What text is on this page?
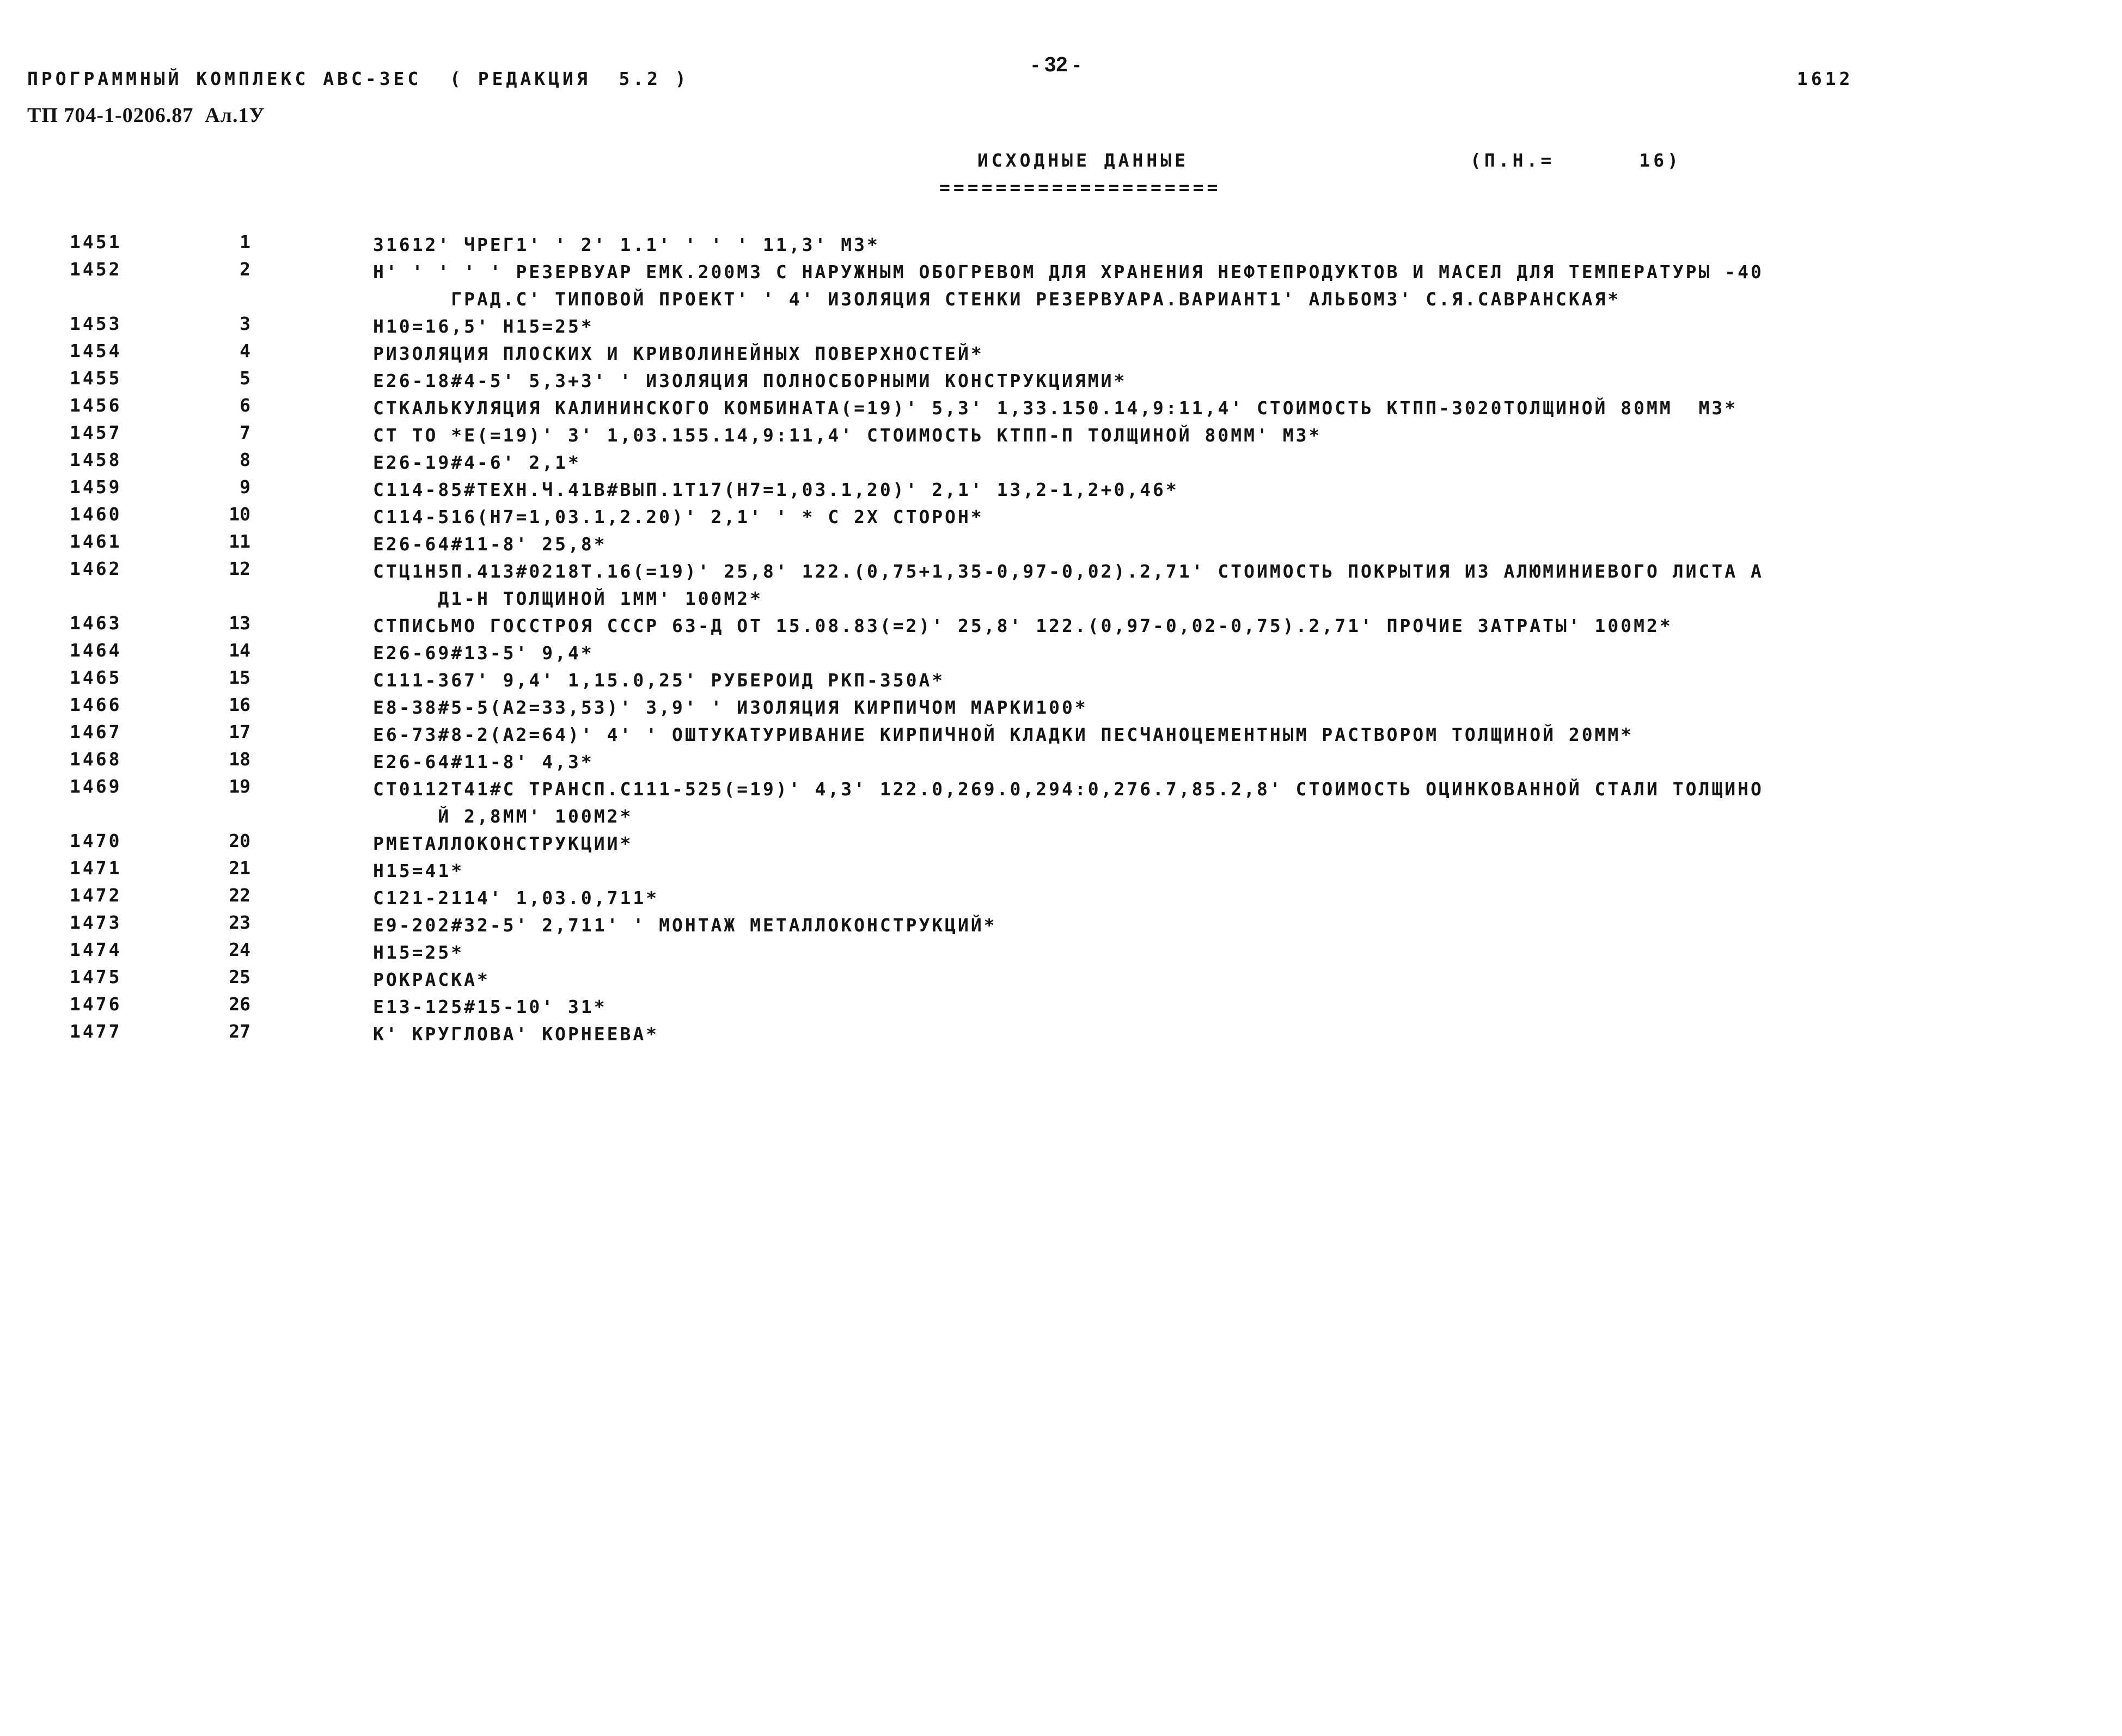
ПРОГРАММНЫЙ КОМПЛЕКС АВС-ЗЕС  ( РЕДАКЦИЯ  5.2 )
- 32 -
1612
ТП 704-1-0206.87  Ал.1У
ИСХОДНЫЕ ДАННЫЕ	(П.Н.=      16)
====================
1451	1	31612' ЧРЕГ1' ' 2' 1.1' ' ' ' 11,3' МЗ*
1452	2	Н' ' ' ' ' РЕЗЕРВУАР ЕМК.200МЗ С НАРУЖНЫМ ОБОГРЕВОМ ДЛЯ ХРАНЕНИЯ НЕФТЕПРОДУКТОВ И МАСЕЛ ДЛЯ ТЕМПЕРАТУРЫ -40
ГРАД.С' ТИПОВОЙ ПРОЕКТ' ' 4' ИЗОЛЯЦИЯ СТЕНКИ РЕЗЕРВУАРА.ВАРИАНТ1' АЛЬБОМЗ' С.Я.САВРАНСКАЯ*
1453	3	Н10=16,5' Н15=25*
1454	4	РИЗОЛЯЦИЯ ПЛОСКИХ И КРИВОЛИНЕЙНЫХ ПОВЕРХНОСТЕЙ*
1455	5	Е26-18#4-5' 5,3+3' ' ИЗОЛЯЦИЯ ПОЛНОСБОРНЫМИ КОНСТРУКЦИЯМИ*
1456	6	СТКАЛЬКУЛЯЦИЯ КАЛИНИНСКОГО КОМБИНАТА(=19)' 5,3' 1,33.150.14,9:11,4' СТОИМОСТЬ КТПП-3020ТОЛЩИНОЙ 80ММ  МЗ*
1457	7	СТ ТО *Е(=19)' 3' 1,03.155.14,9:11,4' СТОИМОСТЬ КТПП-П ТОЛЩИНОЙ 80ММ' МЗ*
1458	8	Е26-19#4-6' 2,1*
1459	9	С114-85#ТЕХН.Ч.41В#ВЫП.1Т17(Н7=1,03.1,20)' 2,1' 13,2-1,2+0,46*
1460	10	С114-516(Н7=1,03.1,2.20)' 2,1' ' * С 2Х СТОРОН*
1461	11	Е26-64#11-8' 25,8*
1462	12	СТЦ1Н5П.413#0218Т.16(=19)' 25,8' 122.(0,75+1,35-0,97-0,02).2,71' СТОИМОСТЬ ПОКРЫТИЯ ИЗ АЛЮМИНИЕВОГО ЛИСТА А
Д1-Н ТОЛЩИНОЙ 1ММ' 100М2*
1463	13	СТПИСЬМО ГОССТРОЯ СССР 63-Д ОТ 15.08.83(=2)' 25,8' 122.(0,97-0,02-0,75).2,71' ПРОЧИЕ ЗАТРАТЫ' 100М2*
1464	14	Е26-69#13-5' 9,4*
1465	15	С111-367' 9,4' 1,15.0,25' РУБЕРОИД РКП-350А*
1466	16	Е8-38#5-5(А2=33,53)' 3,9' ' ИЗОЛЯЦИЯ КИРПИЧОМ МАРКИ100*
1467	17	Е6-73#8-2(А2=64)' 4' ' ОШТУКАТУРИВАНИЕ КИРПИЧНОЙ КЛАДКИ ПЕСЧАНОЦЕМЕНТНЫМ РАСТВОРОМ ТОЛЩИНОЙ 20ММ*
1468	18	Е26-64#11-8' 4,3*
1469	19	СТ0112Т41#С ТРАНСП.С111-525(=19)' 4,3' 122.0,269.0,294:0,276.7,85.2,8' СТОИМОСТЬ ОЦИНКОВАННОЙ СТАЛИ ТОЛЩИНО
Й 2,8ММ' 100М2*
1470	20	РМЕТАЛЛОКОНСТРУКЦИИ*
1471	21	Н15=41*
1472	22	С121-2114' 1,03.0,711*
1473	23	Е9-202#32-5' 2,711' ' МОНТАЖ МЕТАЛЛОКОНСТРУКЦИЙ*
1474	24	Н15=25*
1475	25	РОКРАСКА*
1476	26	Е13-125#15-10' 31*
1477	27	К' КРУГЛОВА' КОРНЕЕВА*
